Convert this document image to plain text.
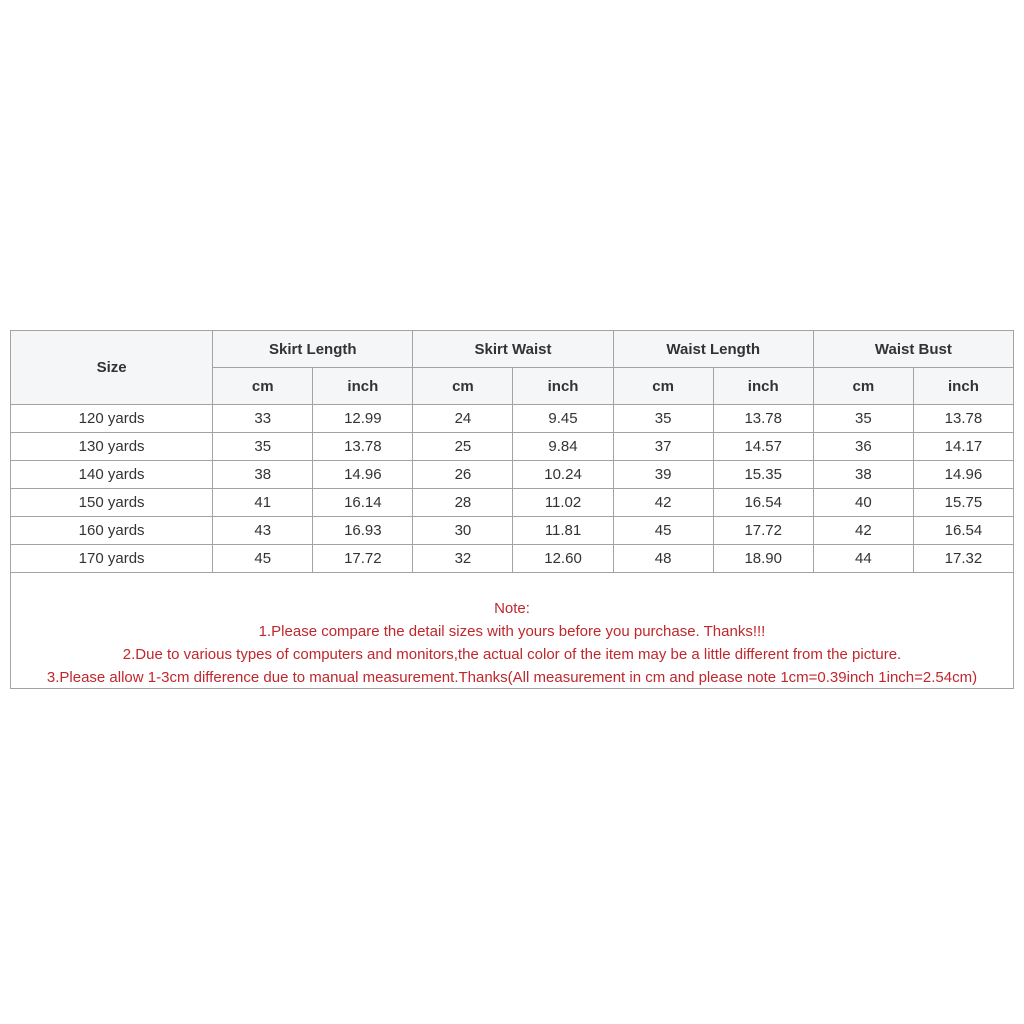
Size	Skirt Length		Skirt Waist		Waist Length		Waist Bust	
	cm	inch	cm	inch	cm	inch	cm	inch
120 yards	33	12.99	24	9.45	35	13.78	35	13.78
130 yards	35	13.78	25	9.84	37	14.57	36	14.17
140 yards	38	14.96	26	10.24	39	15.35	38	14.96
150 yards	41	16.14	28	11.02	42	16.54	40	15.75
160 yards	43	16.93	30	11.81	45	17.72	42	16.54
170 yards	45	17.72	32	12.60	48	18.90	44	17.32
Note:
1.Please compare the detail sizes with yours before you purchase. Thanks!!!
2.Due to various types of computers and monitors,the actual color of the item may be a little different from the picture.
3.Please allow 1-3cm difference due to manual measurement.Thanks(All measurement in cm and please note 1cm=0.39inch 1inch=2.54cm)
